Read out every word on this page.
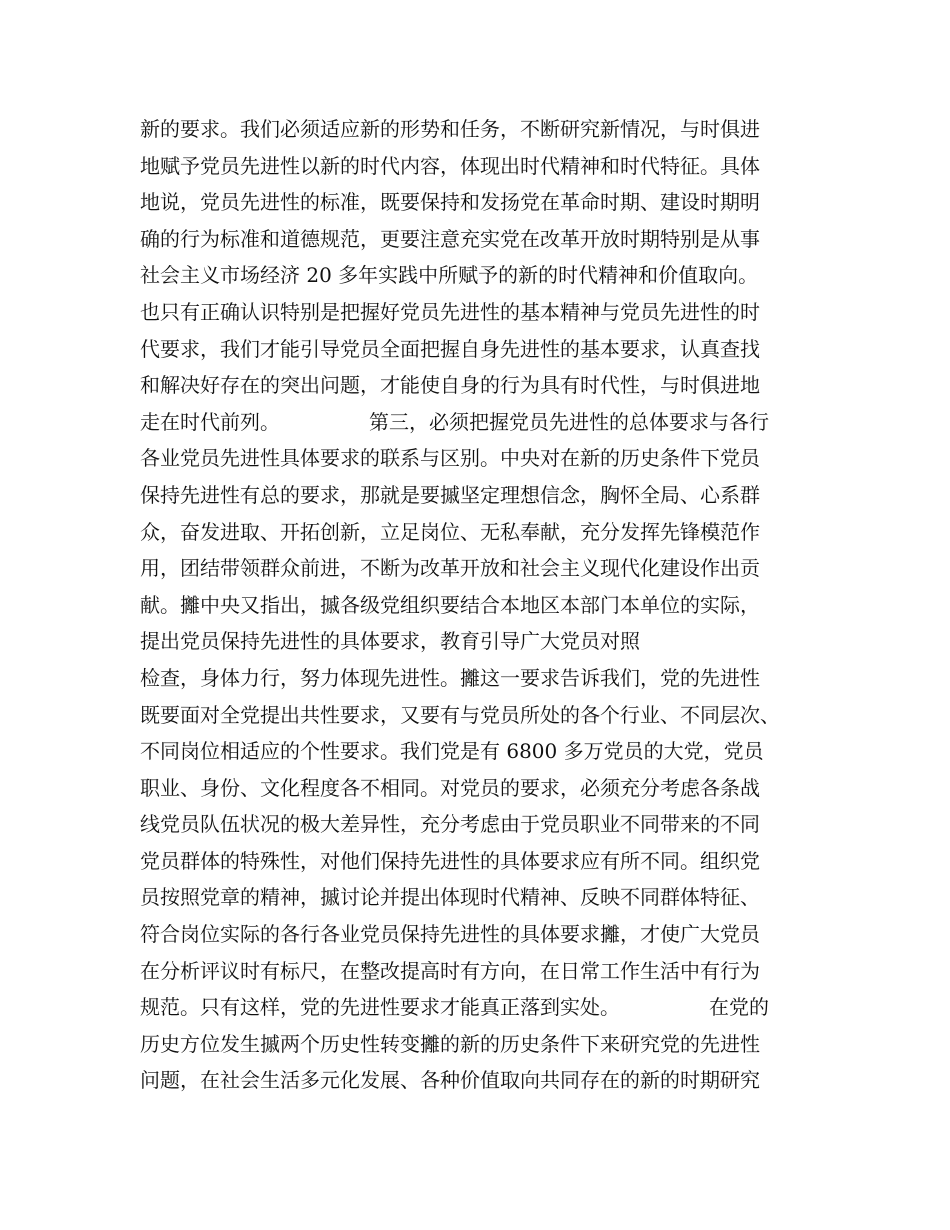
新的要求。我们必须适应新的形势和任务，不断研究新情况，与时俱进
地赋予党员先进性以新的时代内容，体现出时代精神和时代特征。具体
地说，党员先进性的标准，既要保持和发扬党在革命时期、建设时期明
确的行为标准和道德规范，更要注意充实党在改革开放时期特别是从事
社会主义市场经济 20 多年实践中所赋予的新的时代精神和价值取向。
也只有正确认识特别是把握好党员先进性的基本精神与党员先进性的时
代要求，我们才能引导党员全面把握自身先进性的基本要求，认真查找
和解决好存在的突出问题，才能使自身的行为具有时代性，与时俱进地
走在时代前列。              第三，必须把握党员先进性的总体要求与各行
各业党员先进性具体要求的联系与区别。中央对在新的历史条件下党员
保持先进性有总的要求，那就是要摵坚定理想信念，胸怀全局、心系群
众，奋发进取、开拓创新，立足岗位、无私奉献，充分发挥先锋模范作
用，团结带领群众前进，不断为改革开放和社会主义现代化建设作出贡
献。攡中央又指出，摵各级党组织要结合本地区本部门本单位的实际，
提出党员保持先进性的具体要求，教育引导广大党员对照
检查，身体力行，努力体现先进性。攡这一要求告诉我们，党的先进性
既要面对全党提出共性要求，又要有与党员所处的各个行业、不同层次、
不同岗位相适应的个性要求。我们党是有 6800 多万党员的大党，党员
职业、身份、文化程度各不相同。对党员的要求，必须充分考虑各条战
线党员队伍状况的极大差异性，充分考虑由于党员职业不同带来的不同
党员群体的特殊性，对他们保持先进性的具体要求应有所不同。组织党
员按照党章的精神，摵讨论并提出体现时代精神、反映不同群体特征、
符合岗位实际的各行各业党员保持先进性的具体要求攡，才使广大党员
在分析评议时有标尺，在整改提高时有方向，在日常工作生活中有行为
规范。只有这样，党的先进性要求才能真正落到实处。              在党的
历史方位发生摵两个历史性转变攡的新的历史条件下来研究党的先进性
问题，在社会生活多元化发展、各种价值取向共同存在的新的时期研究
